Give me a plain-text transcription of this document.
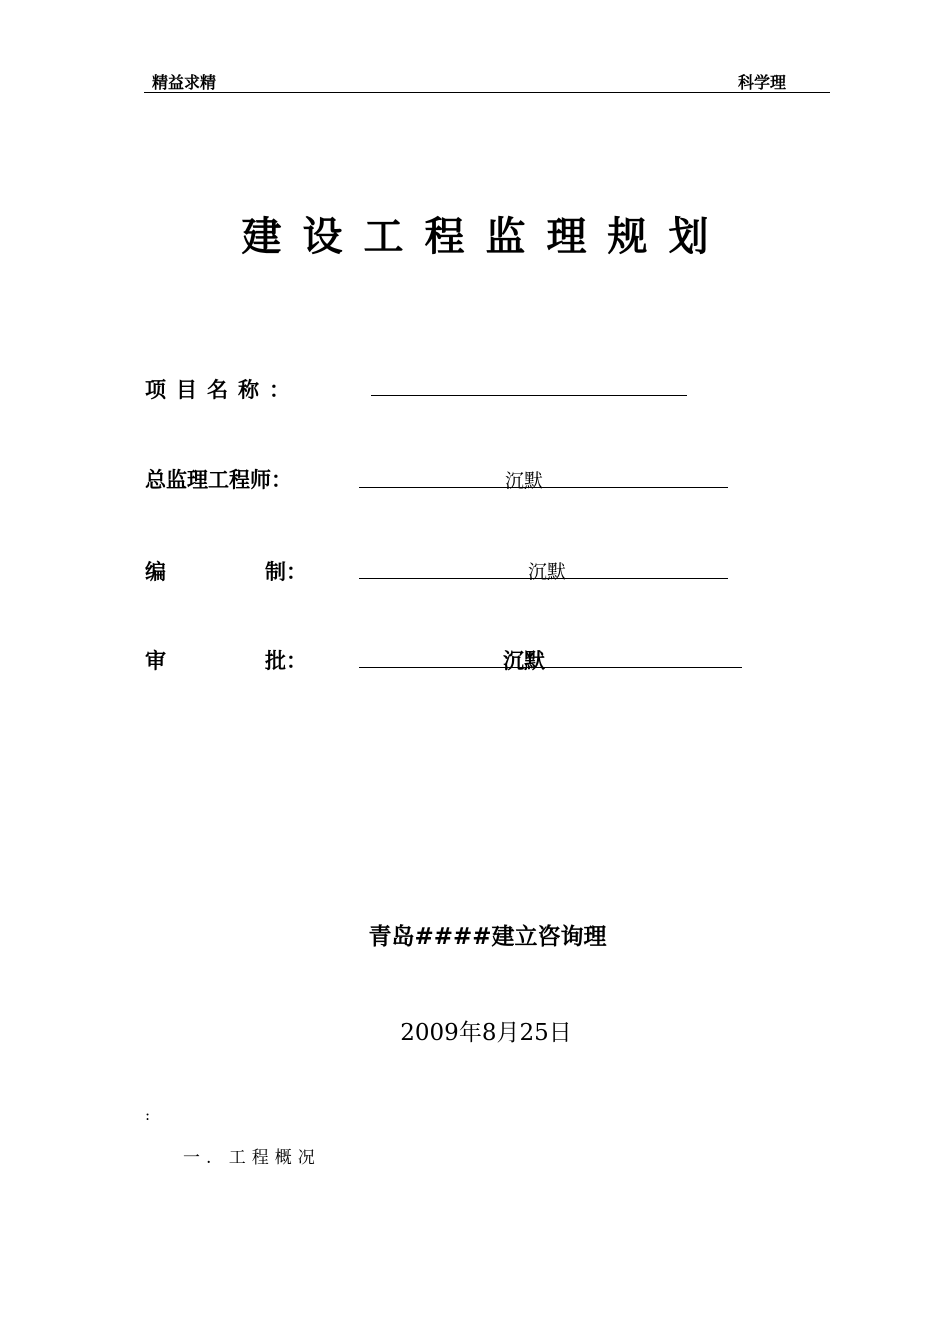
精益求精	科学理
建设工程监理规划
项目名称：
总监理工程师：	沉默
编	制：	沉默
审	批：	沉默
青岛####建立咨询理
2009年8月25日
:
一. 工程概况
